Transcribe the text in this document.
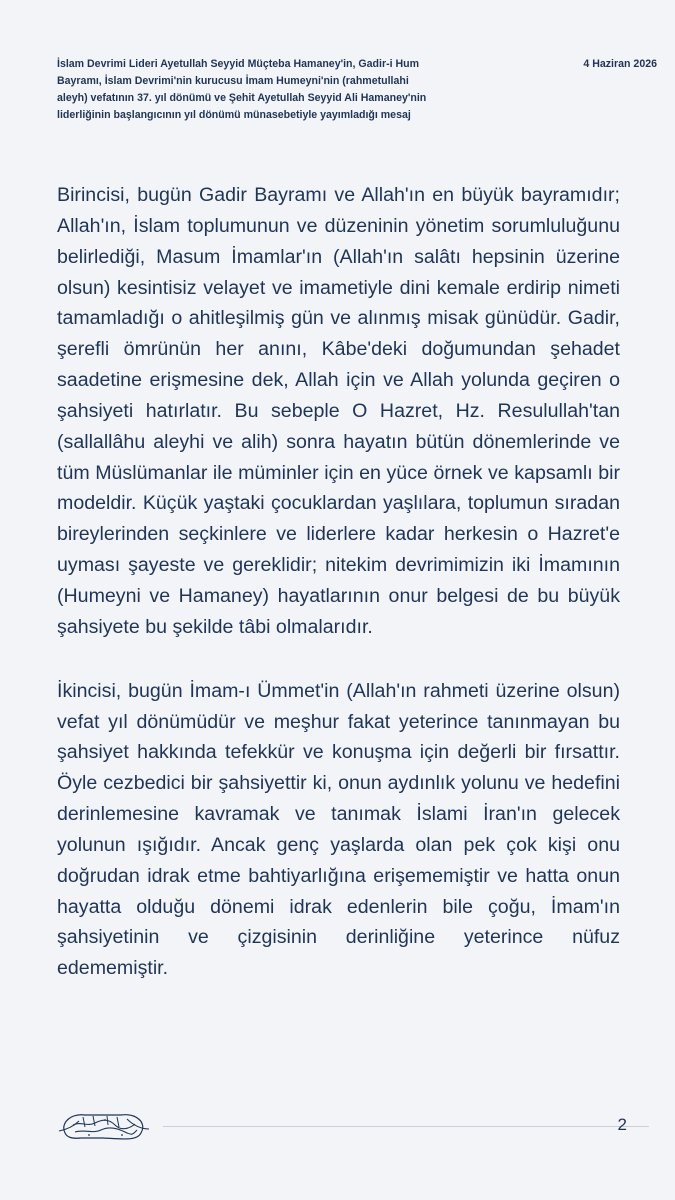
İslam Devrimi Lideri Ayetullah Seyyid Müçteba Hamaney'in, Gadir-i Hum Bayramı, İslam Devrimi'nin kurucusu İmam Humeyni'nin (rahmetullahi aleyh) vefatının 37. yıl dönümü ve Şehit Ayetullah Seyyid Ali Hamaney'nin liderliğinin başlangıcının yıl dönümü münasebetiyle yayımladığı mesaj

4 Haziran 2026

Birincisi, bugün Gadir Bayramı ve Allah'ın en büyük bayramıdır; Allah'ın, İslam toplumunun ve düzeninin yönetim sorumluluğunu belirlediği, Masum İmamlar'ın (Allah'ın salâtı hepsinin üzerine olsun) kesintisiz velayet ve imametiyle dini kemale erdirip nimeti tamamladığı o ahitleşilmiş gün ve alınmış misak günüdür. Gadir, şerefli ömrünün her anını, Kâbe'deki doğumundan şehadet saadetine erişmesine dek, Allah için ve Allah yolunda geçiren o şahsiyeti hatırlatır. Bu sebeple O Hazret, Hz. Resulullah'tan (sallallâhu aleyhi ve alih) sonra hayatın bütün dönemlerinde ve tüm Müslümanlar ile müminler için en yüce örnek ve kapsamlı bir modeldir. Küçük yaştaki çocuklardan yaşlılara, toplumun sıradan bireylerinden seçkinlere ve liderlere kadar herkesin o Hazret'e uyması şayeste ve gereklidir; nitekim devrimimizin iki İmamının (Humeyni ve Hamaney) hayatlarının onur belgesi de bu büyük şahsiyete bu şekilde tâbi olmalarıdır.

İkincisi, bugün İmam-ı Ümmet'in (Allah'ın rahmeti üzerine olsun) vefat yıl dönümüdür ve meşhur fakat yeterince tanınmayan bu şahsiyet hakkında tefekkür ve konuşma için değerli bir fırsattır. Öyle cezbedici bir şahsiyettir ki, onun aydınlık yolunu ve hedefini derinlemesine kavramak ve tanımak İslami İran'ın gelecek yolunun ışığıdır. Ancak genç yaşlarda olan pek çok kişi onu doğrudan idrak etme bahtiyarlığına erişememiştir ve hatta onun hayatta olduğu dönemi idrak edenlerin bile çoğu, İmam'ın şahsiyetinin ve çizgisinin derinliğine yeterince nüfuz edememiştir.

2
